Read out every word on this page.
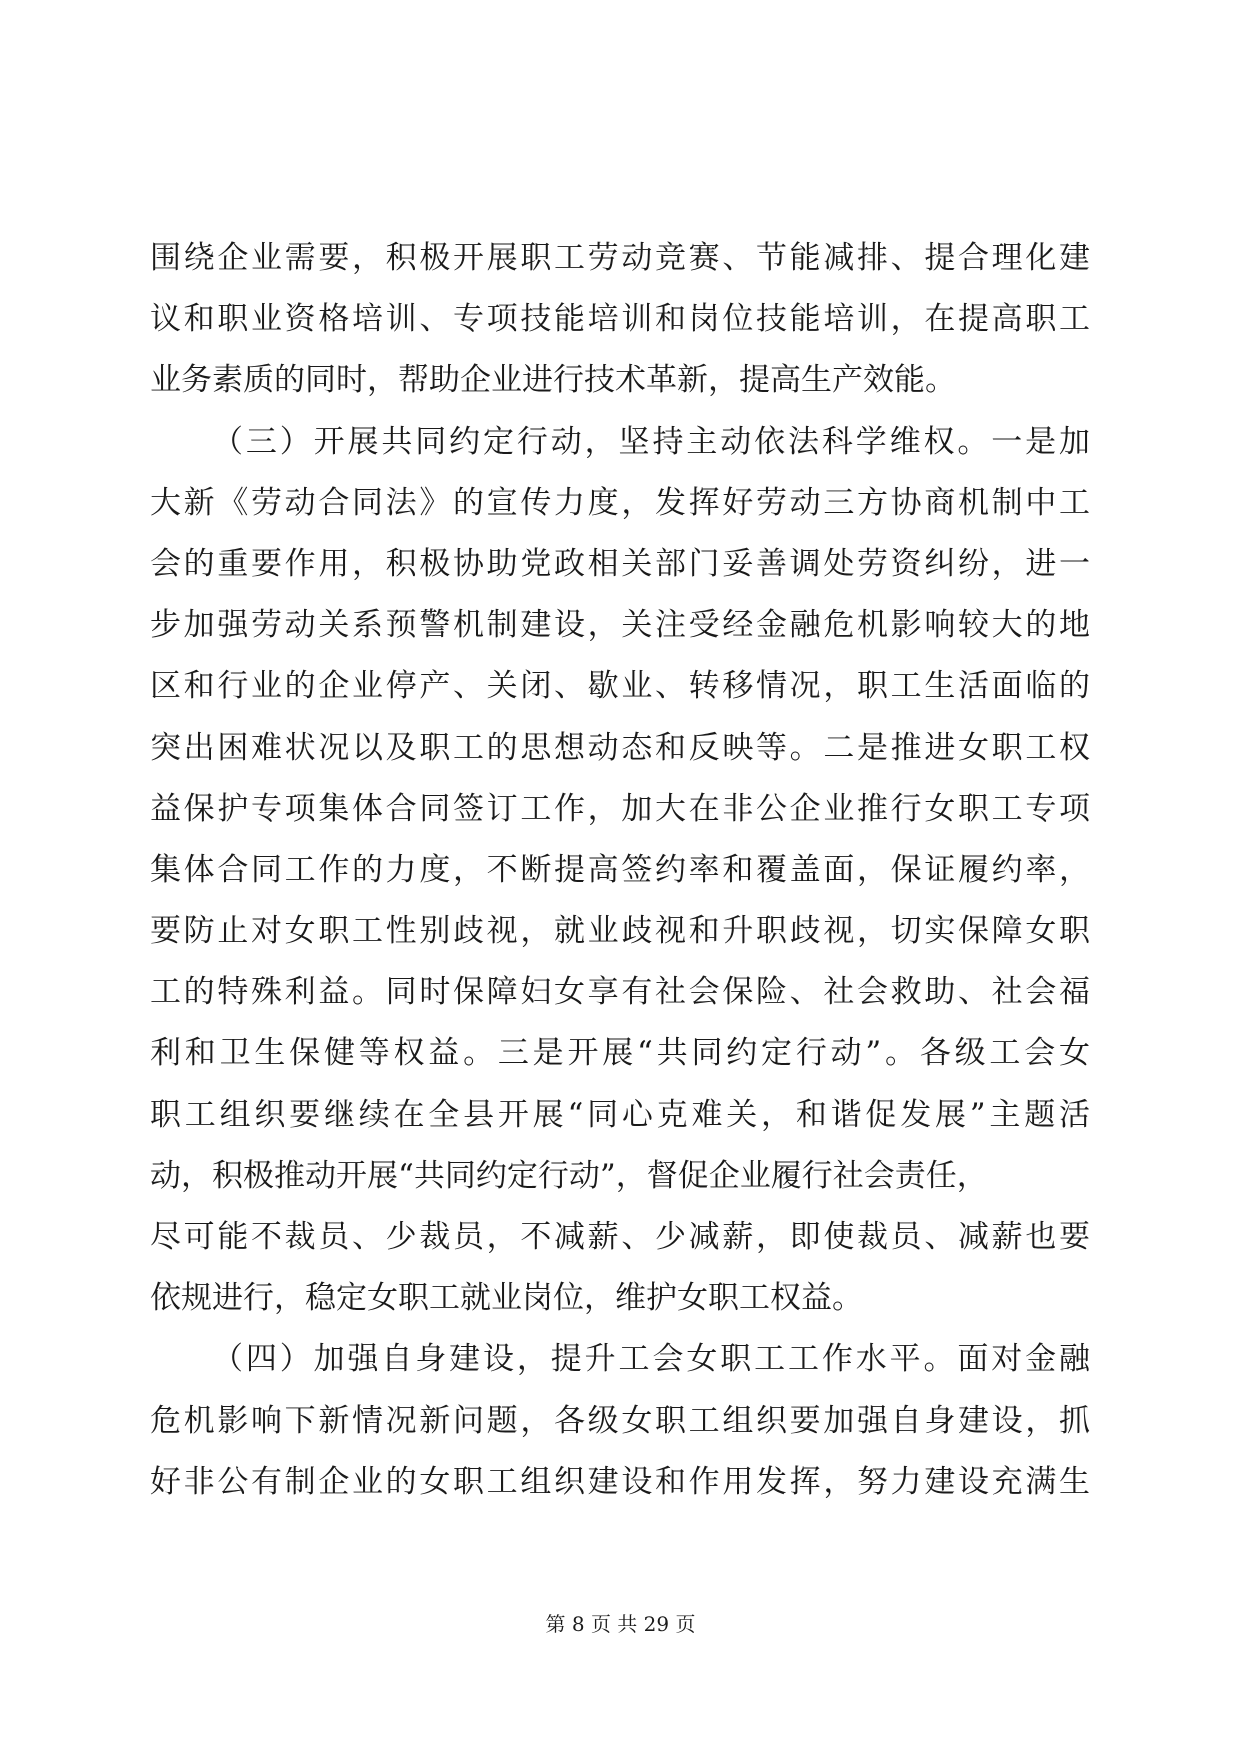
围绕企业需要，积极开展职工劳动竞赛、节能减排、提合理化建
议和职业资格培训、专项技能培训和岗位技能培训，在提高职工
业务素质的同时，帮助企业进行技术革新，提高生产效能。
（三）开展共同约定行动，坚持主动依法科学维权。一是加
大新《劳动合同法》的宣传力度，发挥好劳动三方协商机制中工
会的重要作用，积极协助党政相关部门妥善调处劳资纠纷，进一
步加强劳动关系预警机制建设，关注受经金融危机影响较大的地
区和行业的企业停产、关闭、歇业、转移情况，职工生活面临的
突出困难状况以及职工的思想动态和反映等。二是推进女职工权
益保护专项集体合同签订工作，加大在非公企业推行女职工专项
集体合同工作的力度，不断提高签约率和覆盖面，保证履约率，
要防止对女职工性别歧视，就业歧视和升职歧视，切实保障女职
工的特殊利益。同时保障妇女享有社会保险、社会救助、社会福
利和卫生保健等权益。三是开展“共同约定行动”。各级工会女
职工组织要继续在全县开展“同心克难关，和谐促发展”主题活
动，积极推动开展“共同约定行动”，督促企业履行社会责任，
尽可能不裁员、少裁员，不减薪、少减薪，即使裁员、减薪也要
依规进行，稳定女职工就业岗位，维护女职工权益。
（四）加强自身建设，提升工会女职工工作水平。面对金融
危机影响下新情况新问题，各级女职工组织要加强自身建设，抓
好非公有制企业的女职工组织建设和作用发挥，努力建设充满生
第 8 页 共 29 页
